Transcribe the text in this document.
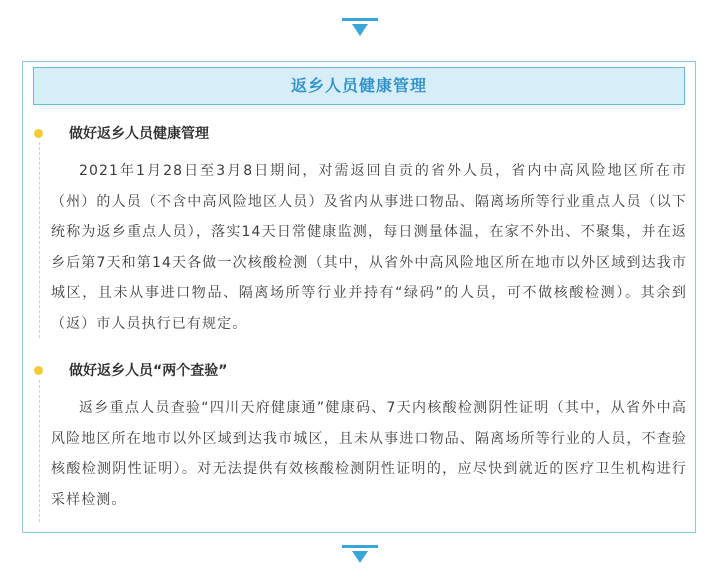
返乡人员健康管理
做好返乡人员健康管理

2021年1月28日至3月8日期间，对需返回自贡的省外人员，省内中高风险地区所在市（州）的人员（不含中高风险地区人员）及省内从事进口物品、隔离场所等行业重点人员（以下统称为返乡重点人员），落实14天日常健康监测，每日测量体温，在家不外出、不聚集，并在返乡后第7天和第14天各做一次核酸检测（其中，从省外中高风险地区所在地市以外区域到达我市城区，且未从事进口物品、隔离场所等行业并持有“绿码”的人员，可不做核酸检测）。其余到（返）市人员执行已有规定。

做好返乡人员“两个查验”

返乡重点人员查验“四川天府健康通”健康码、7天内核酸检测阴性证明（其中，从省外中高风险地区所在地市以外区域到达我市城区，且未从事进口物品、隔离场所等行业的人员，不查验核酸检测阴性证明）。对无法提供有效核酸检测阴性证明的，应尽快到就近的医疗卫生机构进行采样检测。
